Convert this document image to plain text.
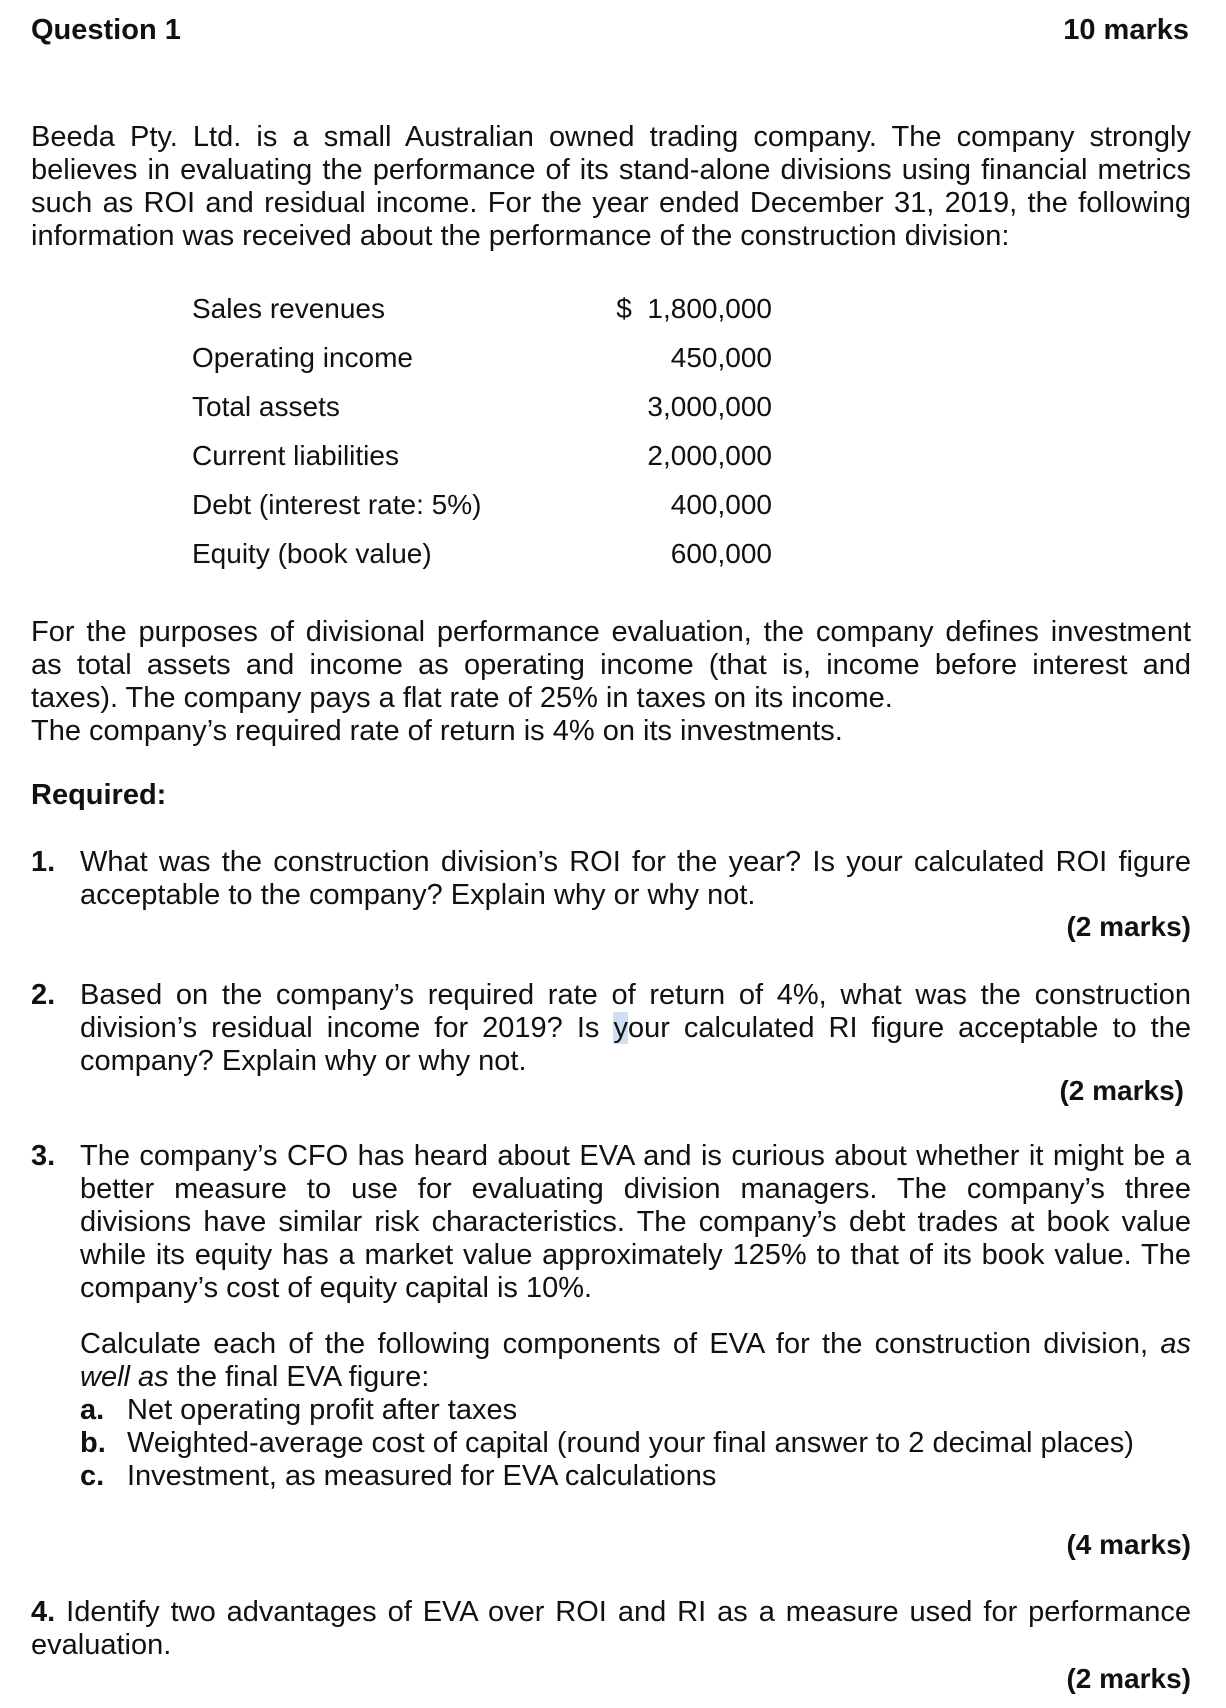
Question 1	10 marks
Beeda Pty. Ltd. is a small Australian owned trading company. The company strongly believes in evaluating the performance of its stand-alone divisions using financial metrics such as ROI and residual income. For the year ended December 31, 2019, the following information was received about the performance of the construction division:
Sales revenues	$  1,800,000
Operating income	450,000
Total assets	3,000,000
Current liabilities	2,000,000
Debt (interest rate: 5%)	400,000
Equity (book value)	600,000
For the purposes of divisional performance evaluation, the company defines investment as total assets and income as operating income (that is, income before interest and taxes). The company pays a flat rate of 25% in taxes on its income.
The company’s required rate of return is 4% on its investments.
Required:
1. What was the construction division’s ROI for the year? Is your calculated ROI figure acceptable to the company? Explain why or why not.
(2 marks)
2. Based on the company’s required rate of return of 4%, what was the construction division’s residual income for 2019? Is your calculated RI figure acceptable to the company? Explain why or why not.
(2 marks)
3. The company’s CFO has heard about EVA and is curious about whether it might be a better measure to use for evaluating division managers. The company’s three divisions have similar risk characteristics. The company’s debt trades at book value while its equity has a market value approximately 125% to that of its book value. The company’s cost of equity capital is 10%.
Calculate each of the following components of EVA for the construction division, as well as the final EVA figure:
a. Net operating profit after taxes
b. Weighted-average cost of capital (round your final answer to 2 decimal places)
c. Investment, as measured for EVA calculations
(4 marks)
4. Identify two advantages of EVA over ROI and RI as a measure used for performance evaluation.
(2 marks)
